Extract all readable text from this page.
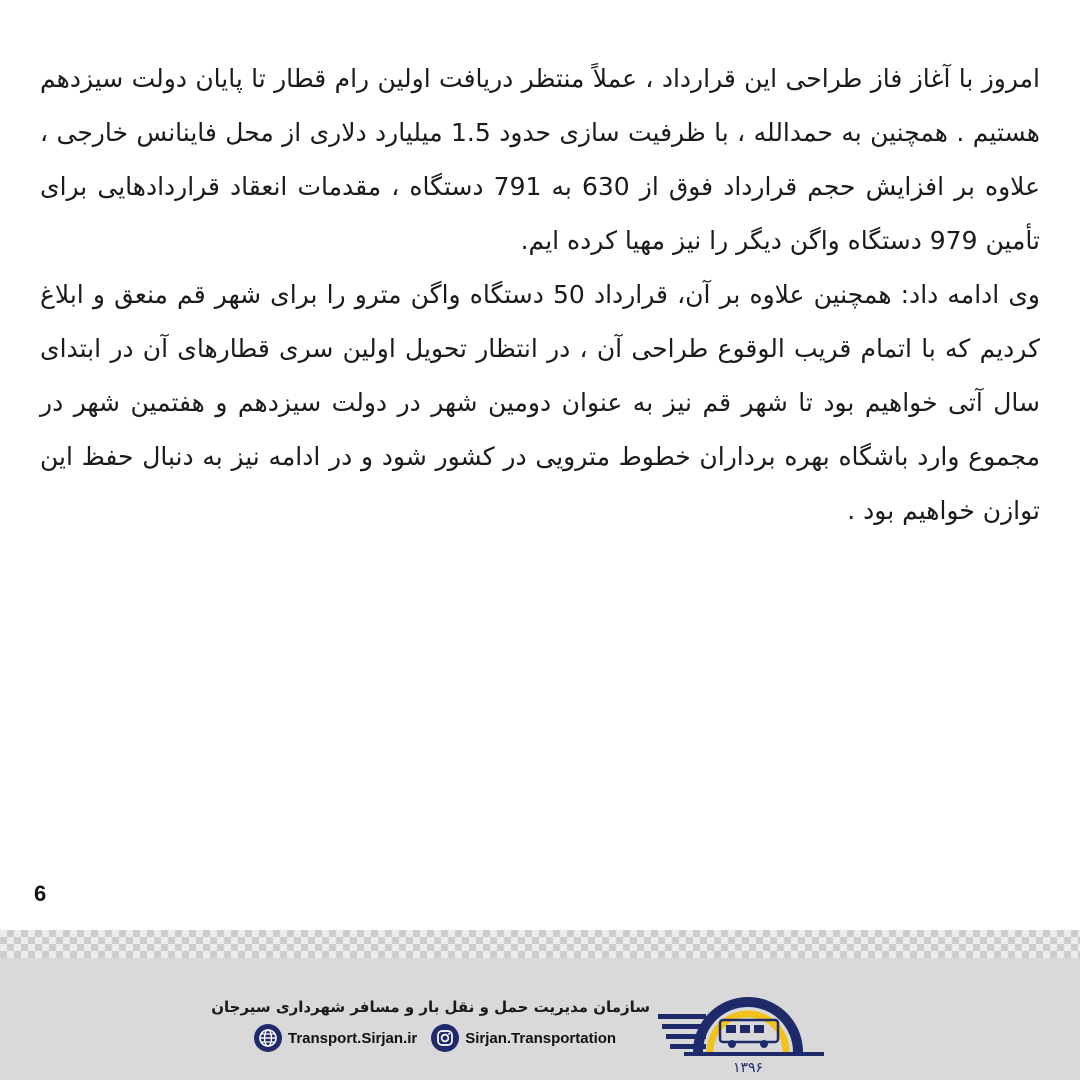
امروز با آغاز فاز طراحی این قرارداد ، عملاً منتظر دریافت اولین رام قطار تا پایان دولت سیزدهم هستیم . همچنین به حمدالله ، با ظرفیت سازی حدود 1.5 میلیارد دلاری از محل فاینانس خارجی ، علاوه بر افزایش حجم قرارداد فوق از 630 به 791 دستگاه ، مقدمات انعقاد قراردادهایی برای تأمین 979 دستگاه واگن دیگر را نیز مهیا کرده ایم.

وی ادامه داد: همچنین علاوه بر آن، قرارداد 50 دستگاه واگن مترو را برای شهر قم منعق و ابلاغ کردیم که با اتمام قریب الوقوع طراحی آن ، در انتظار تحویل اولین سری قطارهای آن در ابتدای سال آتی خواهیم بود تا شهر قم نیز به عنوان دومین شهر در دولت سیزدهم و هفتمین شهر در مجموع وارد باشگاه بهره برداران خطوط مترویی در کشور شود و در ادامه نیز به دنبال حفظ این توازن خواهیم بود .

6
سازمان مدیریت حمل و نقل بار و مسافر شهرداری سیرجان
Transport.Sirjan.ir	Sirjan.Transportation
۱۳۹۶
